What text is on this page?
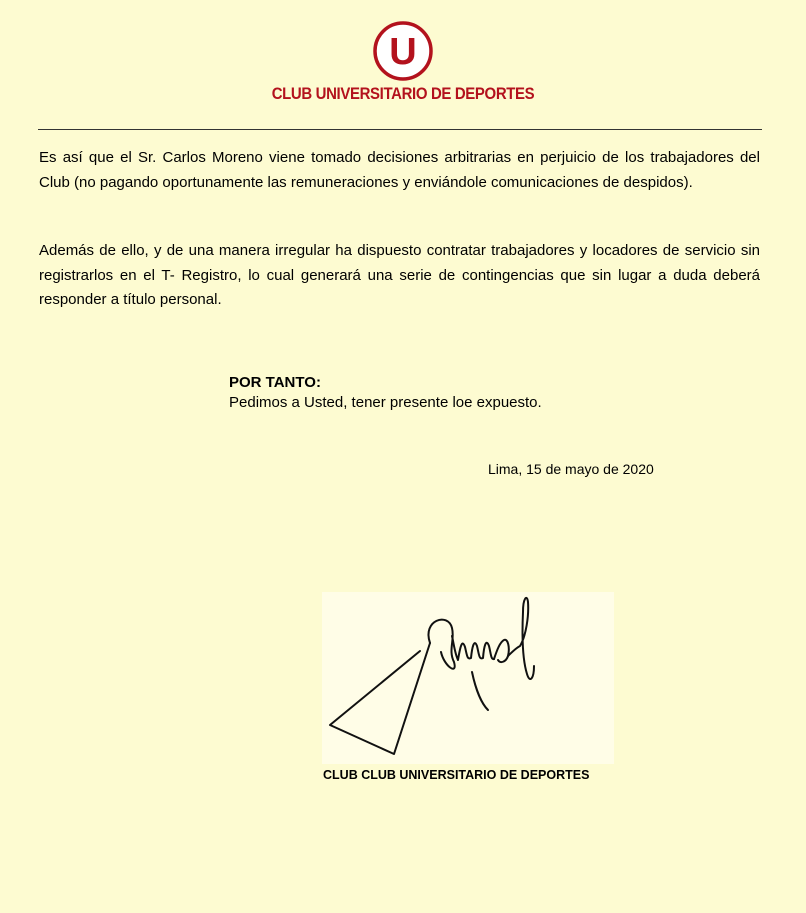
U
CLUB UNIVERSITARIO DE DEPORTES

Es así que el Sr. Carlos Moreno viene tomado decisiones arbitrarias en perjuicio de los trabajadores del Club (no pagando oportunamente las remuneraciones y enviándole comunicaciones de despidos).

Además de ello, y de una manera irregular ha dispuesto contratar trabajadores y locadores de servicio sin registrarlos en el T- Registro, lo cual generará una serie de contingencias que sin lugar a duda deberá responder a título personal.

POR TANTO:
Pedimos a Usted, tener presente loe expuesto.
Lima, 15 de mayo de 2020
CLUB CLUB UNIVERSITARIO DE DEPORTES
